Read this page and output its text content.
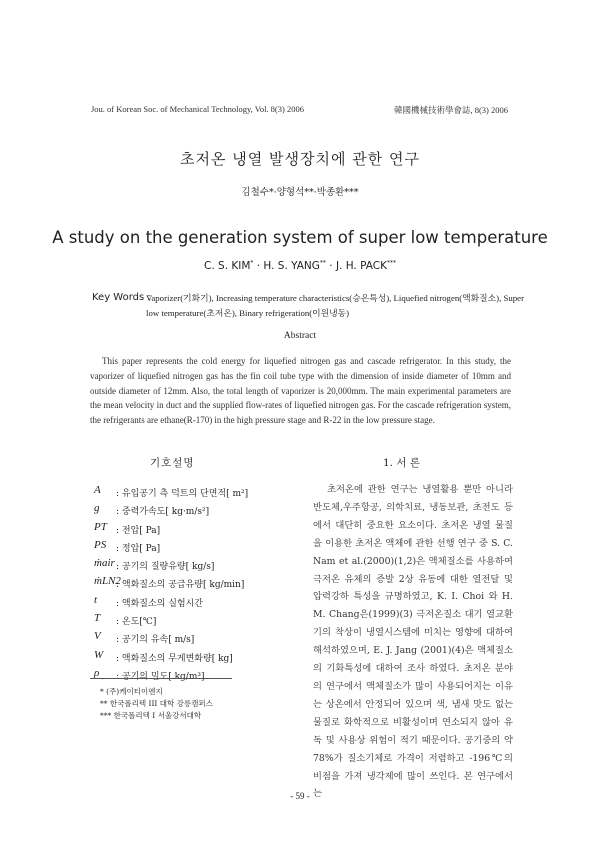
Jou. of Korean Soc. of Mechanical Technology, Vol. 8(3) 2006	韓國機械技術學會誌, 8(3) 2006
초저온 냉열 발생장치에 관한 연구
김철수*·양형석**·박종환***
A study on the generation system of super low temperature
C. S. KIM* · H. S. YANG** · J. H. PACK***
Key Words :
Vaporizer(기화기), Increasing temperature characteristics(승온특성), Liquefied nitrogen(액화질소), Super low temperature(초저온), Binary refrigeration(이원냉동)
Abstract

This paper represents the cold energy for liquefied nitrogen gas and cascade refrigerator. In this study, the vaporizer of liquefied nitrogen gas has the fin coil tube type with the dimension of inside diameter of 10mm and outside diameter of 12mm. Also, the total length of vaporizer is 20,000mm. The main experimental parameters are the mean velocity in duct and the supplied flow-rates of liquefied nitrogen gas. For the cascade refrigeration system, the refrigerants are ethane(R-170) in the high pressure stage and R-22 in the low pressure stage.

기호설명	1. 서 론
A : 유입공기 측 덕트의 단면적[ m²]
g : 중력가속도[ kg·m/s²]
PT : 전압[ Pa]
PS : 정압[ Pa]
ṁair : 공기의 질량유량[ kg/s]
ṁLN2
: 액화질소의 공급유량[ kg/min]
t : 액화질소의 실험시간
T : 온도[℃]
V : 공기의 유속[ m/s]
W : 액화질소의 무게변화량[ kg]
ρ : 공기의 밀도[ kg/m³]
* (주)케이티이엔지
** 한국폴리텍 III 대학 강릉캠퍼스
*** 한국폴리텍 I 서울강서대학

초저온에 관한 연구는 냉열활용 뿐만 아니라 반도체,우주항공, 의학치료, 냉동보관, 초전도 등에서 대단히 중요한 요소이다. 초저온 냉열 물질을 이용한 초저온 액체에 관한 선행 연구 중 S. C. Nam et al.(2000)(1,2)은 액체질소를 사용하여 극저온 유체의 증발 2상 유동에 대한 열전달 및 압력강하 특성을 규명하였고, K. I. Choi 와 H. M. Chang은(1999)(3) 극저온질소 대기 열교환기의 착상이 냉열시스템에 미치는 영향에 대하여 해석하였으며, E. J. Jang (2001)(4)은 액체질소의 기화특성에 대하여 조사 하였다. 초저온 분야의 연구에서 액체질소가 많이 사용되어지는 이유는 상온에서 안정되어 있으며 색, 냄새 맛도 없는 물질로 화학적으로 비활성이며 연소되지 않아 유독 및 사용상 위험이 적기 때문이다. 공기중의 약 78%가 질소기체로 가격이 저렴하고 -196℃의 비점을 가져 냉각제에 많이 쓰인다. 본 연구에서는

- 59 -
